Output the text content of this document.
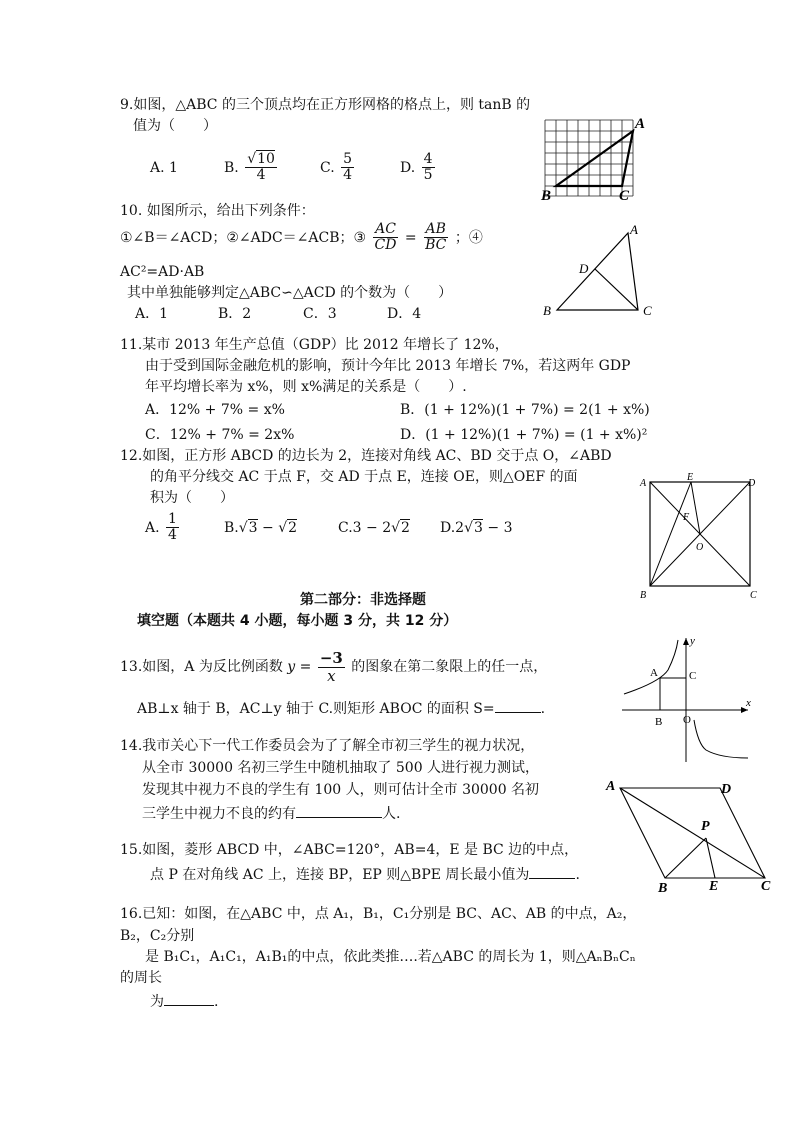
9.如图，△ABC 的三个顶点均在正方形网格的格点上，则 tanB 的
值为（　　）
A. 1	B. $\frac{√10}{4}$	C. $\frac{5}{4}$	D. $\frac{4}{5}$
A
B	C
10. 如图所示，给出下列条件：
①∠B＝∠ACD；②∠ADC＝∠ACB；③ $\frac{AC}{CD} = \frac{AB}{BC}$ ；④
AC²=AD·AB
其中单独能够判定△ABC∽△ACD 的个数为（　　）
A．1	B．2	C．3	D．4
A
B	C
D
11.某市 2013 年生产总值（GDP）比 2012 年增长了 12%，
由于受到国际金融危机的影响，预计今年比 2013 年增长 7%，若这两年 GDP
年平均增长率为 x%，则 x%满足的关系是（　　）.
A．12% + 7% = x%	B．(1 + 12%)(1 + 7%) = 2(1 + x%)
C．12% + 7% = 2x%	D．(1 + 12%)(1 + 7%) = (1 + x%)²
12.如图，正方形 ABCD 的边长为 2，连接对角线 AC、BD 交于点 O，∠ABD
的角平分线交 AC 于点 F，交 AD 于点 E，连接 OE，则△OEF 的面
积为（　　）
A. $\frac{1}{4}$	B.√3 − √2	C.3 − 2√2 D.2√3 − 3
A
E
D
F
O
B	C
第二部分：非选择题
填空题（本题共 4 小题，每小题 3 分，共 12 分）
13.如图，A 为反比例函数 $y = \frac{-3}{x}$ 的图象在第二象限上的任一点，
AB⊥x 轴于 B，AC⊥y 轴于 C.则矩形 ABOC 的面积 S=	.
A
B
C
O
x
y
14.我市关心下一代工作委员会为了了解全市初三学生的视力状况，
从全市 30000 名初三学生中随机抽取了 500 人进行视力测试，
发现其中视力不良的学生有 100 人，则可估计全市 30000 名初
三学生中视力不良的约有	人.
15.如图，菱形 ABCD 中，∠ABC=120°，AB=4，E 是 BC 边的中点，
点 P 在对角线 AC 上，连接 BP，EP 则△BPE 周长最小值为	.
A	D
P
B	E	C
16.已知：如图，在△ABC 中，点 A₁，B₁，C₁分别是 BC、AC、AB 的中点，A₂，
B₂，C₂分别
是 B₁C₁，A₁C₁，A₁B₁的中点，依此类推….若△ABC 的周长为 1，则△AₙBₙCₙ
的周长
为	.
